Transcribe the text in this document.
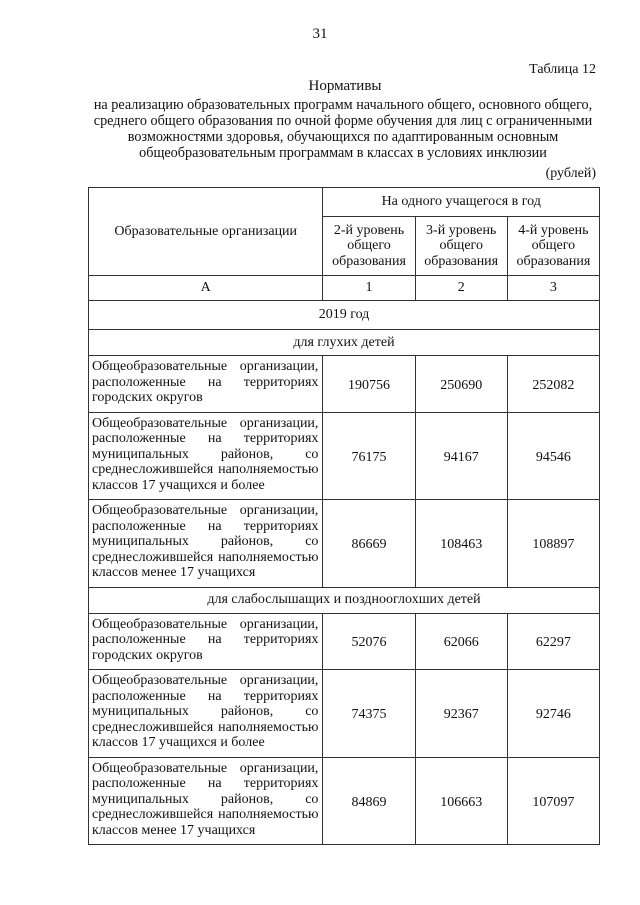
31
Таблица 12
Нормативы
на реализацию образовательных программ начального общего, основного общего, среднего общего образования по очной форме обучения для лиц с ограниченными возможностями здоровья, обучающихся по адаптированным основным общеобразовательным программам в классах в условиях инклюзии
(рублей)
Образовательные организации	На одного учащегося в год		
	2-й уровень общего образования	3-й уровень общего образования	4-й уровень общего образования
А	1	2	3
2019 год			
для глухих детей			
Общеобразовательные организации, расположенные на территориях городских округов	190756	250690	252082
Общеобразовательные организации, расположенные на территориях муниципальных районов, со среднесложившейся наполняемостью классов 17 учащихся и более	76175	94167	94546
Общеобразовательные организации, расположенные на территориях муниципальных районов, со среднесложившейся наполняемостью классов менее 17 учащихся	86669	108463	108897
для слабослышащих и позднооглохших детей			
Общеобразовательные организации, расположенные на территориях городских округов	52076	62066	62297
Общеобразовательные организации, расположенные на территориях муниципальных районов, со среднесложившейся наполняемостью классов 17 учащихся и более	74375	92367	92746
Общеобразовательные организации, расположенные на территориях муниципальных районов, со среднесложившейся наполняемостью классов менее 17 учащихся	84869	106663	107097
